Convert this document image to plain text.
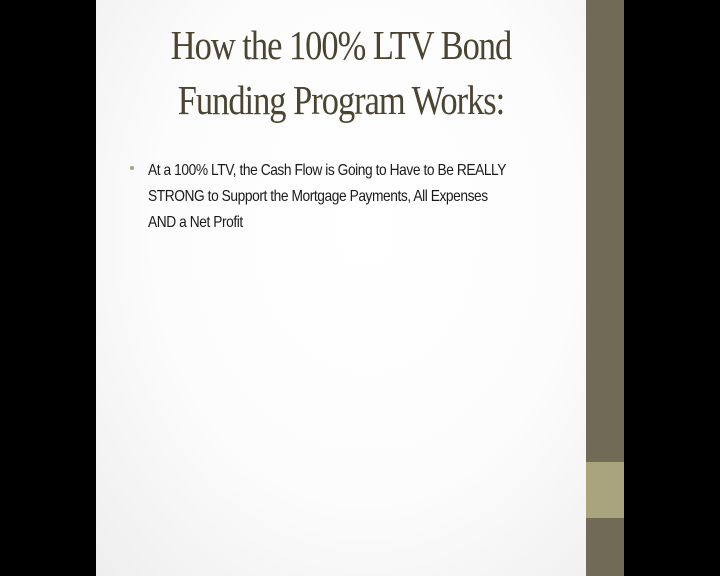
How the 100% LTV Bond
Funding Program Works:
At a 100% LTV, the Cash Flow is Going to Have to Be REALLY
STRONG to Support the Mortgage Payments, All Expenses
AND a Net Profit
